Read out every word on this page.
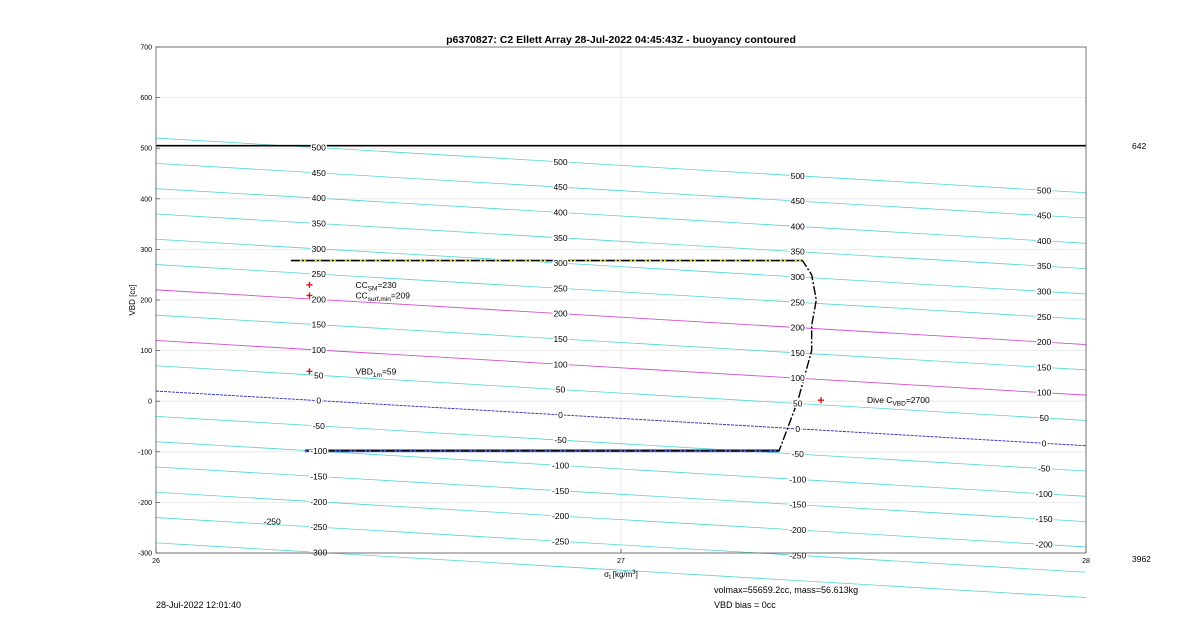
-300
-250
-200
-150
-100
-50
0
50
100
150
200
250
300
350
400
450
500
-250
-200
-150
-100
-50
0
50
100
150
200
250
300
350
400
450
500
-250
-200
-150
-100
-50
0
50
100
150
200
250
300
350
400
450
500
-200
-150
-100
-50
0
50
100
150
200
250
300
350
400
450
500
-250
$CC_{SM}=230$
$CC_{surf,min}=209$
$VBD_{1m}=59$
Dive $C_{VBD}=2700$
-300
-200
-100
0
100
200
300
400
500
600
700
26	27	28
p6370827: C2 Ellett Array 28-Jul-2022 04:45:43Z - buoyancy contoured
VBD [cc]
$\sigma_t$ $[kg/m^3]$
642
3962
28-Jul-2022 12:01:40
volmax=55659.2cc, mass=56.613kg
VBD bias = 0cc
